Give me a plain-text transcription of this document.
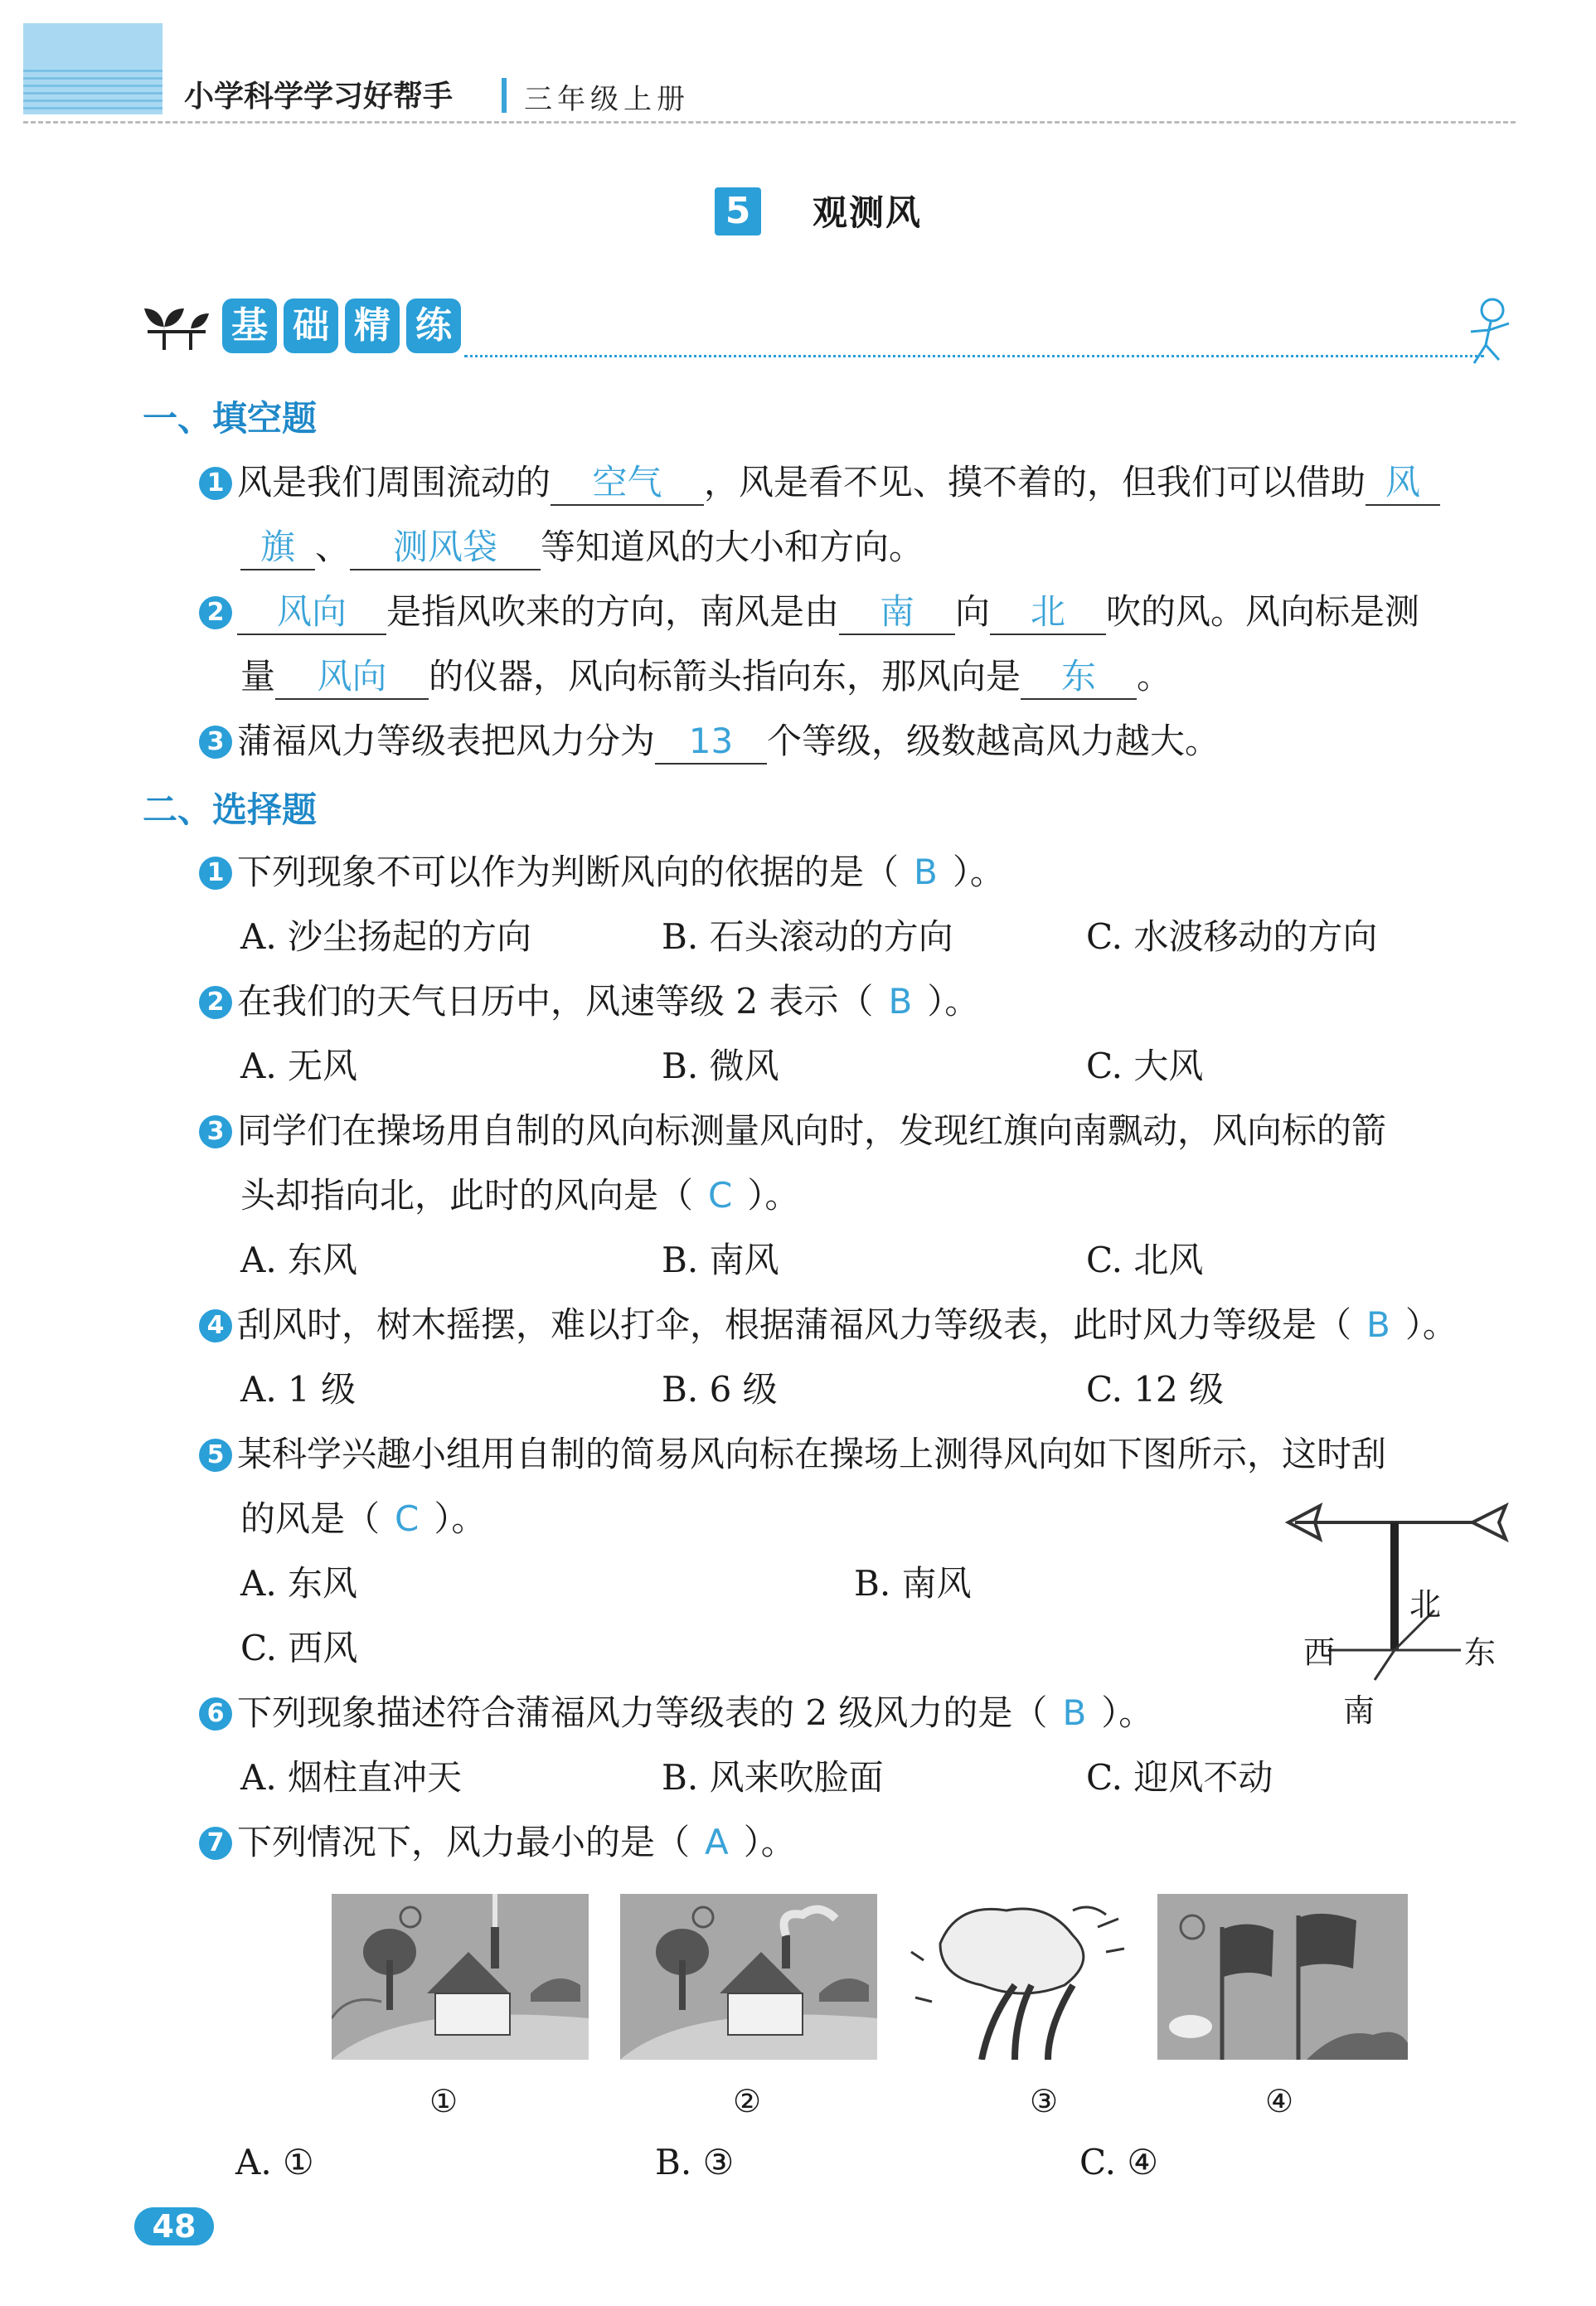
小学科学学习好帮手	三年级上册
5	观测风
基 础 精 练
一、填空题
1 风是我们周围流动的 空气 ，风是看不见、摸不着的，但我们可以借助 风
旗 、 测风袋 等知道风的大小和方向。
2 风向 是指风吹来的方向，南风是由 南 向 北 吹的风。风向标是测
量 风向 的仪器，风向标箭头指向东，那风向是 东 。
3 蒲福风力等级表把风力分为 13 个等级，级数越高风力越大。
二、选择题
1 下列现象不可以作为判断风向的依据的是（ B ）。
A. 沙尘扬起的方向	B. 石头滚动的方向	C. 水波移动的方向
2 在我们的天气日历中，风速等级 2 表示（ B ）。
A. 无风	B. 微风	C. 大风
3 同学们在操场用自制的风向标测量风向时，发现红旗向南飘动，风向标的箭
头却指向北，此时的风向是（ C ）。
A. 东风	B. 南风	C. 北风
4 刮风时，树木摇摆，难以打伞，根据蒲福风力等级表，此时风力等级是（ B ）。
A. 1 级	B. 6 级	C. 12 级
5 某科学兴趣小组用自制的简易风向标在操场上测得风向如下图所示，这时刮
的风是（ C ）。
A. 东风	B. 南风
C. 西风
北
西	东
南
6 下列现象描述符合蒲福风力等级表的 2 级风力的是（ B ）。
A. 烟柱直冲天	B. 风来吹脸面	C. 迎风不动
7 下列情况下，风力最小的是（ A ）。
①	②	③	④
A. ①	B. ③	C. ④
48
